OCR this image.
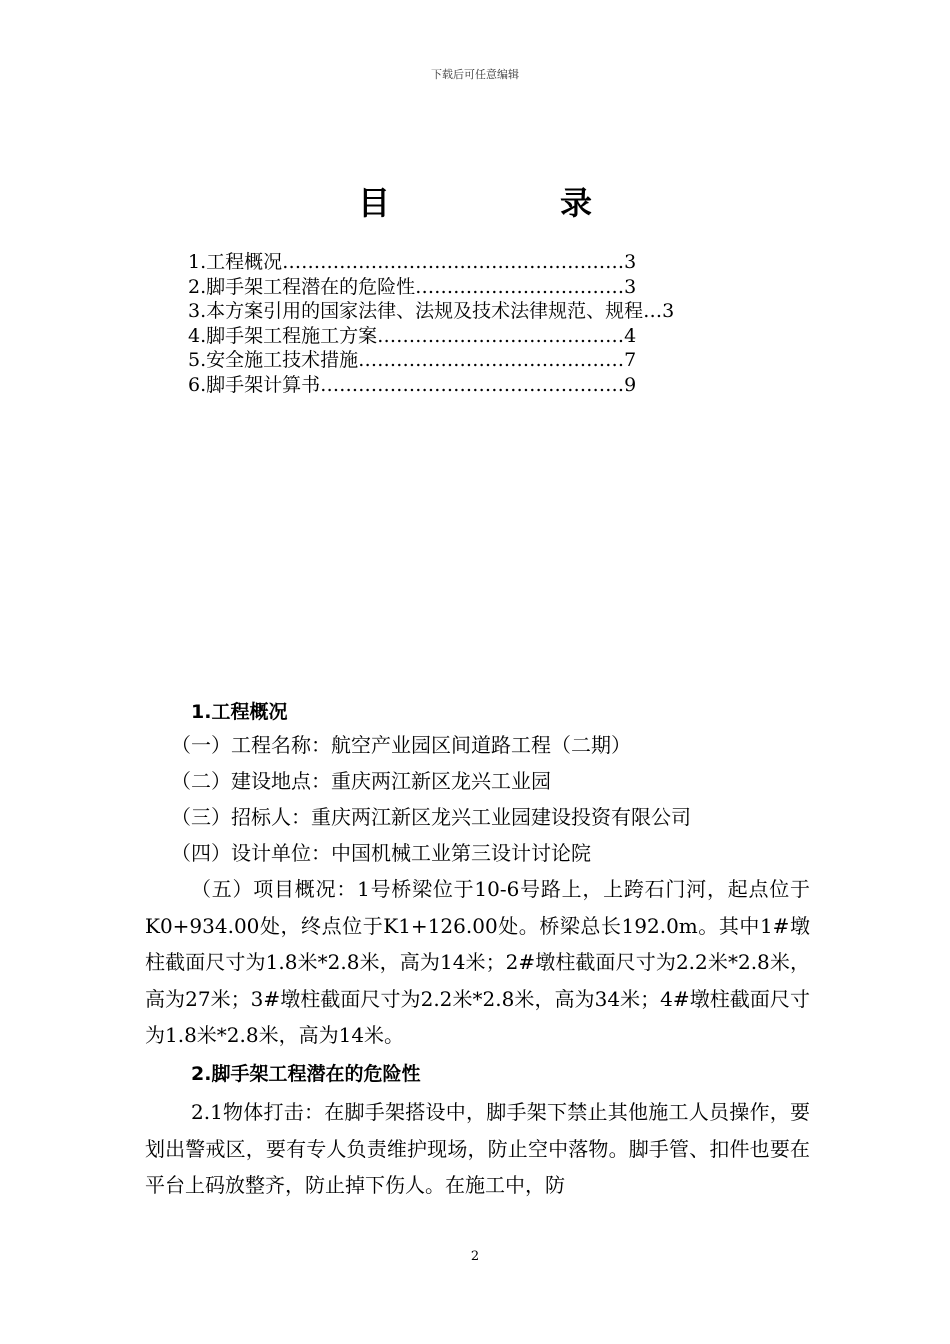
下载后可任意编辑
目录
1.工程概况………………………………………………3
2.脚手架工程潜在的危险性……………………………3
3.本方案引用的国家法律、法规及技术法律规范、规程…3
4.脚手架工程施工方案…………………………………4
5.安全施工技术措施……………………………………7
6.脚手架计算书…………………………………………9
1.工程概况
（一）工程名称：航空产业园区间道路工程（二期）
（二）建设地点：重庆两江新区龙兴工业园
（三）招标人：重庆两江新区龙兴工业园建设投资有限公司
（四）设计单位：中国机械工业第三设计讨论院
（五）项目概况：1号桥梁位于10-6号路上，上跨石门河，起点位于K0+934.00处，终点位于K1+126.00处。桥梁总长192.0m。其中1#墩柱截面尺寸为1.8米*2.8米，高为14米；2#墩柱截面尺寸为2.2米*2.8米，高为27米；3#墩柱截面尺寸为2.2米*2.8米，高为34米；4#墩柱截面尺寸为1.8米*2.8米，高为14米。
2.脚手架工程潜在的危险性
2.1物体打击：在脚手架搭设中，脚手架下禁止其他施工人员操作，要划出警戒区，要有专人负责维护现场，防止空中落物。脚手管、扣件也要在平台上码放整齐，防止掉下伤人。在施工中，防
2
